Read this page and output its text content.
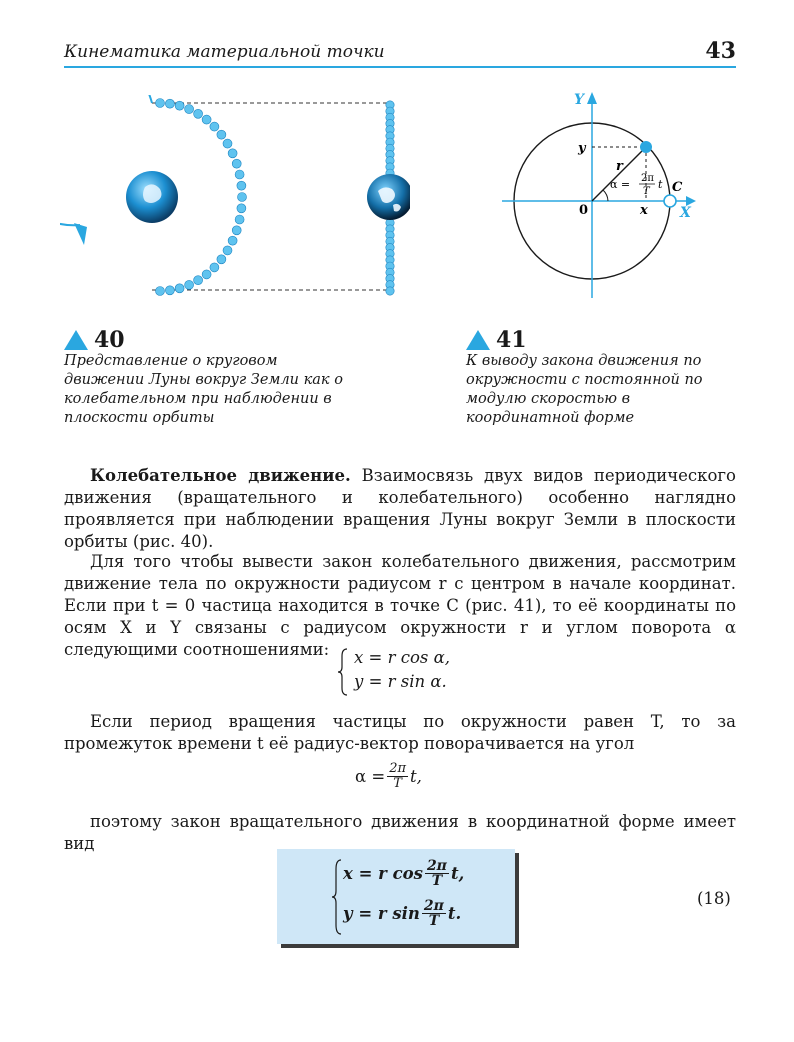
Кинематика материальной точки	43
Y
X
y
r
0	x
C
α = 2π
T
t
40
Представление о круговом движении Луны вокруг Земли как о колебательном при наблюдении в плоскости орбиты
41
К выводу закона движения по окружности с постоянной по модулю скоростью в координатной форме

Колебательное движение. Взаимосвязь двух видов периодического движения (вращательного и колебательного) особенно наглядно проявляется при наблюдении вращения Луны вокруг Земли в плоскости орбиты (рис. 40).

Для того чтобы вывести закон колебательного движения, рассмотрим движение тела по окружности радиусом r с центром в начале координат. Если при t = 0 частица находится в точке C (рис. 41), то её координаты по осям X и Y связаны с радиусом окружности r и углом поворота α следующими соотношениями:	x = r cos α,
y = r sin α.

Если период вращения частицы по окружности равен T, то за промежуток времени t её радиус-вектор поворачивается на угол

$\alpha = \frac{2\pi}{T} t$,

поэтому закон вращательного движения в координатной форме имеет вид

x = r $\cos \frac{2\pi}{T} t$,
y = r $\sin \frac{2\pi}{T} t$.
(18)
